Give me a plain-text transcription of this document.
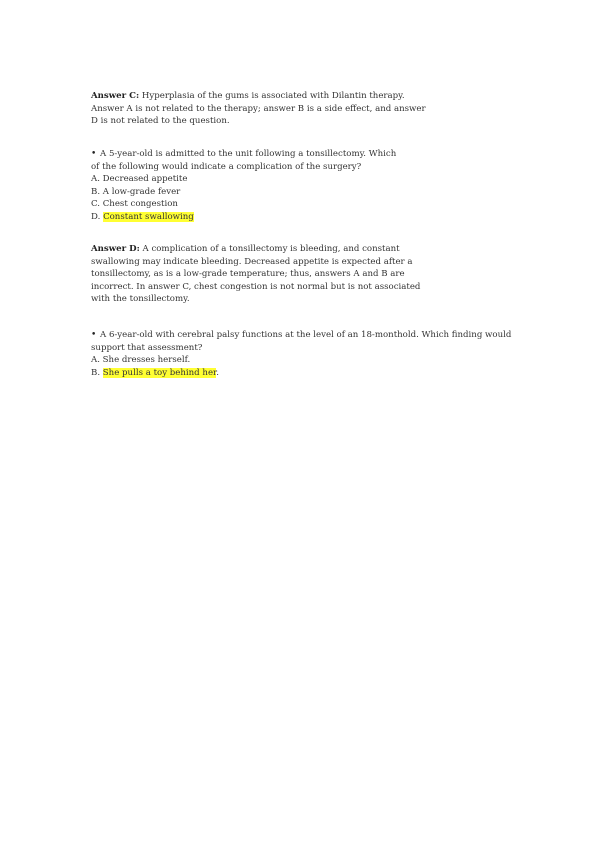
Answer C: Hyperplasia of the gums is associated with Dilantin therapy.
Answer A is not related to the therapy; answer B is a side effect, and answer
D is not related to the question.
• A 5-year-old is admitted to the unit following a tonsillectomy. Which
of the following would indicate a complication of the surgery?
A. Decreased appetite
B. A low-grade fever
C. Chest congestion
D. Constant swallowing
Answer D: A complication of a tonsillectomy is bleeding, and constant
swallowing may indicate bleeding. Decreased appetite is expected after a
tonsillectomy, as is a low-grade temperature; thus, answers A and B are
incorrect. In answer C, chest congestion is not normal but is not associated
with the tonsillectomy.
• A 6-year-old with cerebral palsy functions at the level of an 18-monthold. Which finding would
support that assessment?
A. She dresses herself.
B. She pulls a toy behind her.
